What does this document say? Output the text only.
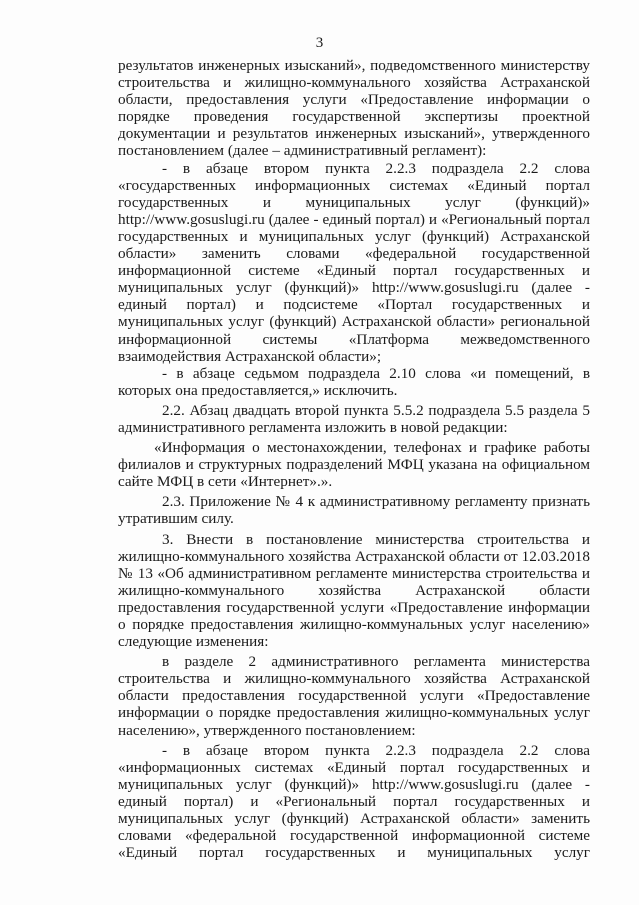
3

результатов инженерных изысканий», подведомственного министерству строительства и жилищно-коммунального хозяйства Астраханской области, предоставления услуги «Предоставление информации о порядке проведения государственной экспертизы проектной документации и результатов инженерных изысканий», утвержденного постановлением (далее – административный регламент):

- в абзаце втором пункта 2.2.3 подраздела 2.2 слова «государственных информационных системах «Единый портал государственных и муниципальных услуг (функций)» http://www.gosuslugi.ru (далее - единый портал) и «Региональный портал государственных и муниципальных услуг (функций) Астраханской области» заменить словами «федеральной государственной информационной системе «Единый портал государственных и муниципальных услуг (функций)» http://www.gosuslugi.ru (далее - единый портал) и подсистеме «Портал государственных и муниципальных услуг (функций) Астраханской области» региональной информационной системы «Платформа межведомственного взаимодействия Астраханской области»;

- в абзаце седьмом подраздела 2.10 слова «и помещений, в которых она предоставляется,» исключить.

2.2. Абзац двадцать второй пункта 5.5.2 подраздела 5.5 раздела 5 административного регламента изложить в новой редакции:

«Информация о местонахождении, телефонах и графике работы филиалов и структурных подразделений МФЦ указана на официальном сайте МФЦ в сети «Интернет».».

2.3. Приложение № 4 к административному регламенту признать утратившим силу.

3. Внести в постановление министерства строительства и жилищно-коммунального хозяйства Астраханской области от 12.03.2018 № 13 «Об административном регламенте министерства строительства и жилищно-коммунального хозяйства Астраханской области предоставления государственной услуги «Предоставление информации о порядке предоставления жилищно-коммунальных услуг населению» следующие изменения:

в разделе 2 административного регламента министерства строительства и жилищно-коммунального хозяйства Астраханской области предоставления государственной услуги «Предоставление информации о порядке предоставления жилищно-коммунальных услуг населению», утвержденного постановлением:

- в абзаце втором пункта 2.2.3 подраздела 2.2 слова «информационных системах «Единый портал государственных и муниципальных услуг (функций)» http://www.gosuslugi.ru (далее - единый портал) и «Региональный портал государственных и муниципальных услуг (функций) Астраханской области» заменить словами «федеральной государственной информационной системе «Единый портал государственных и муниципальных услуг
